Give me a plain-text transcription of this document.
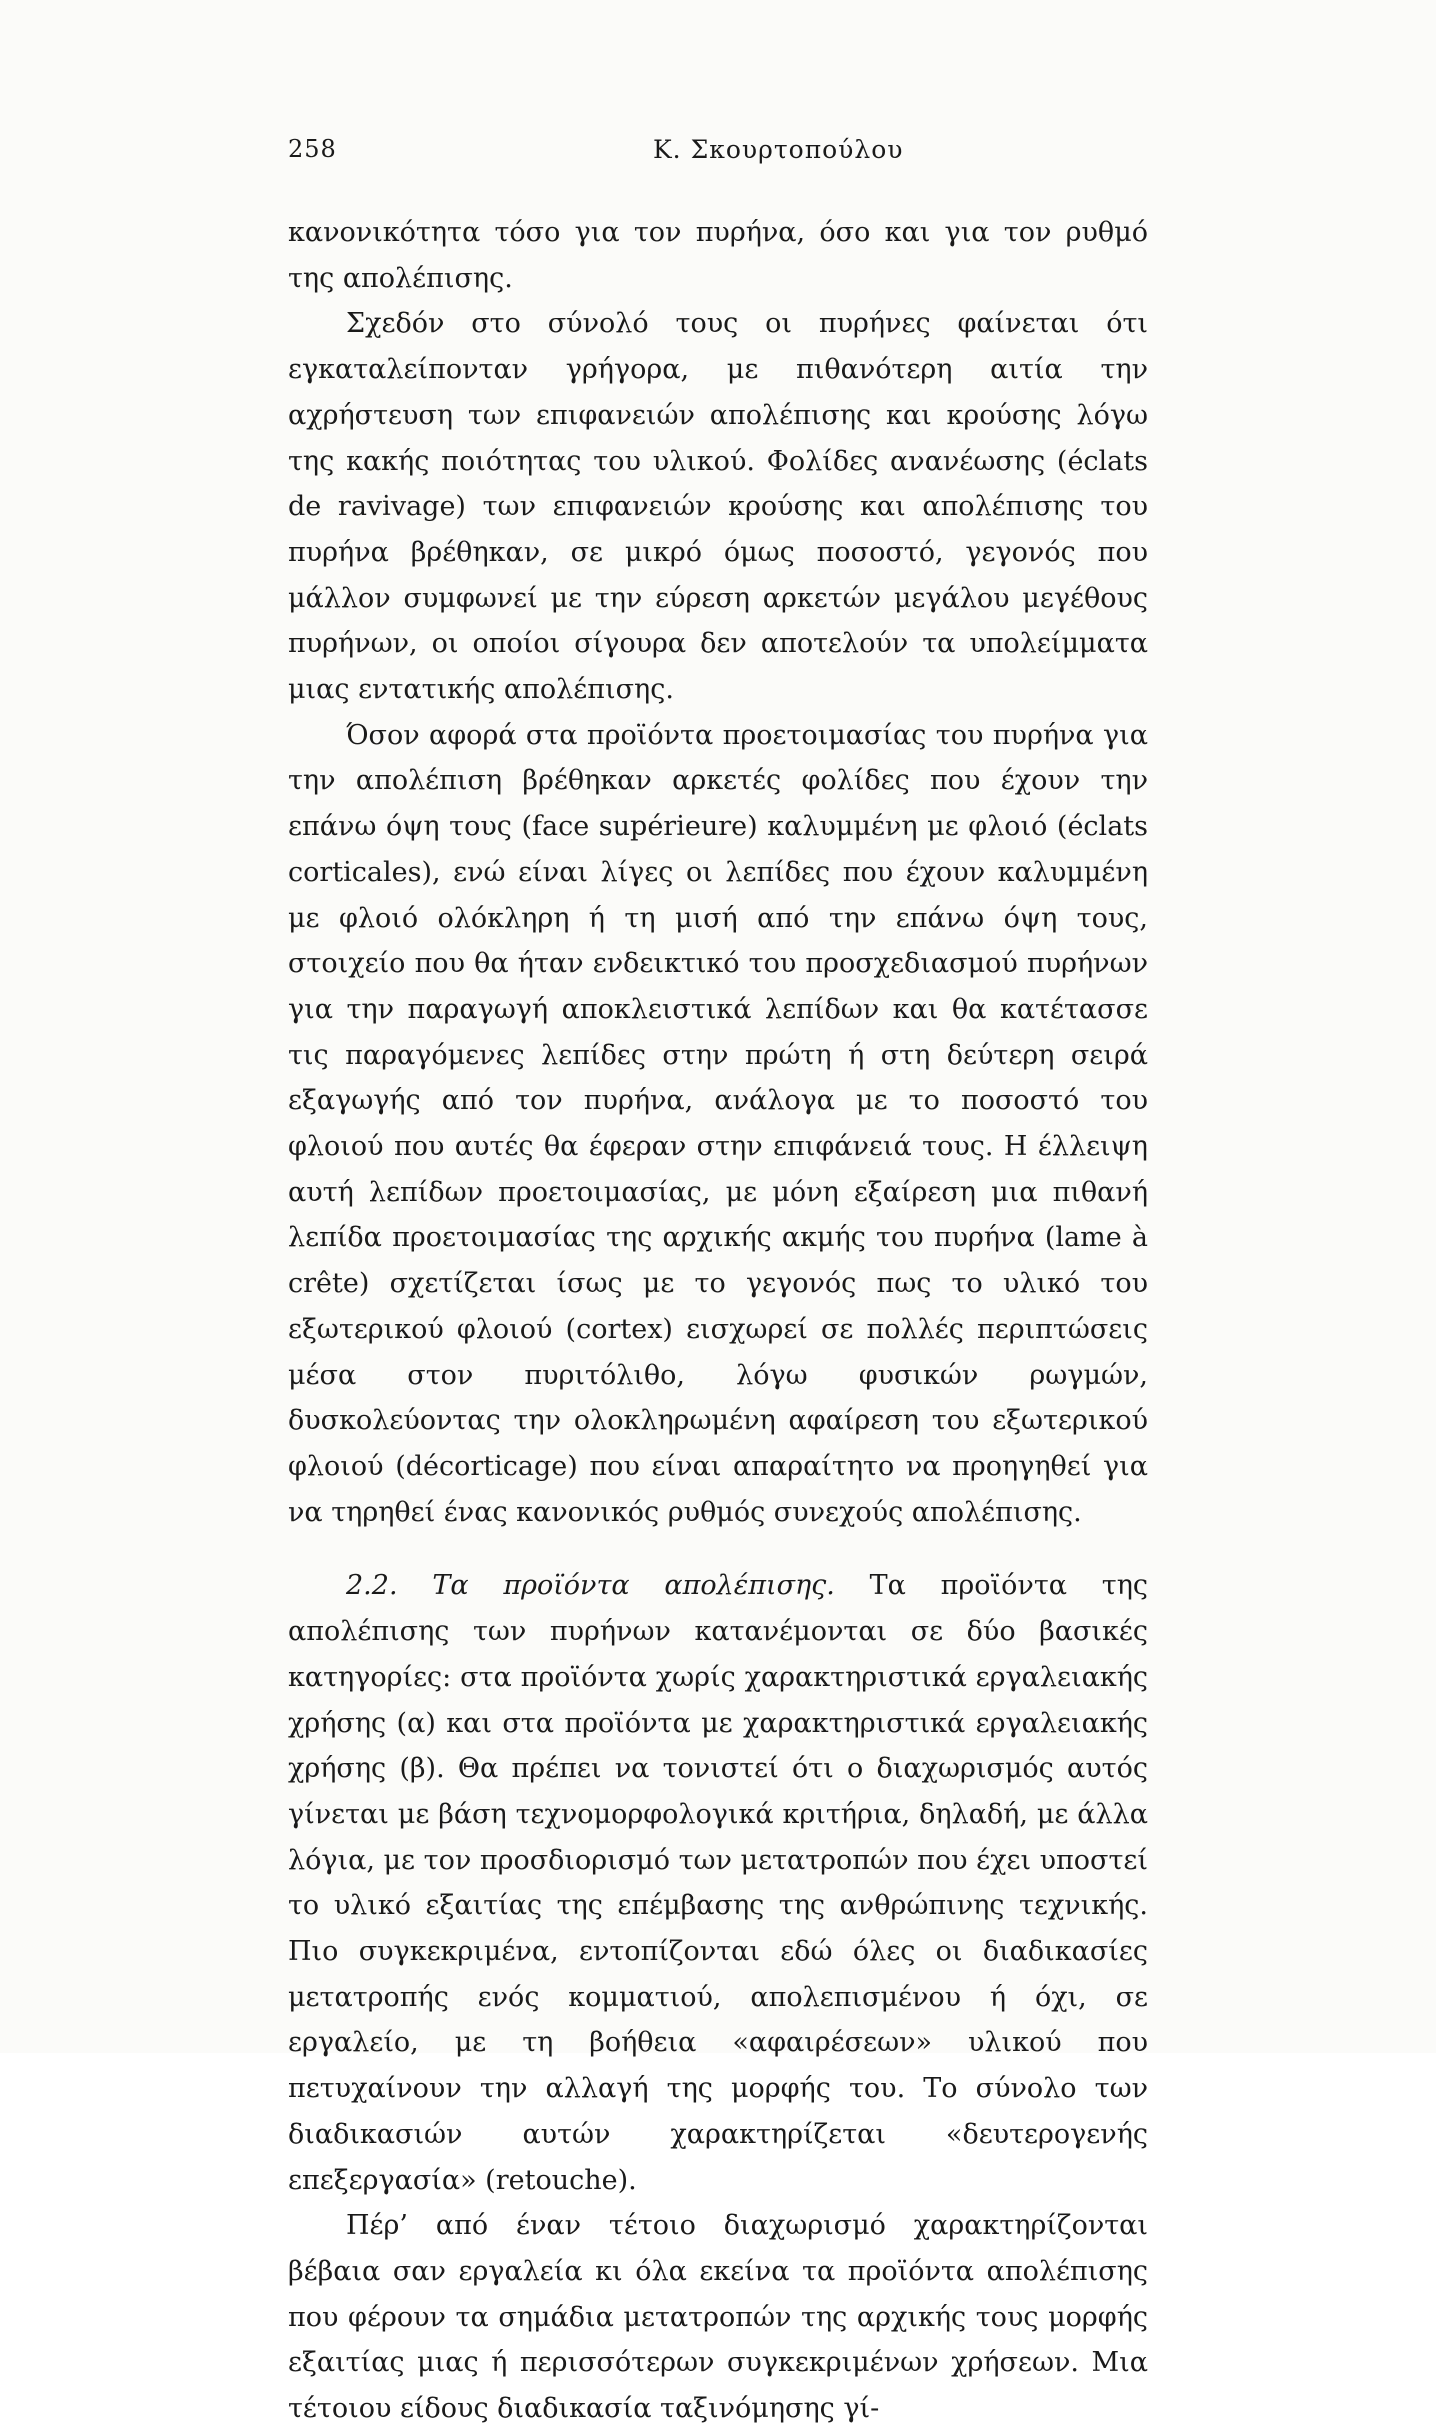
258	Κ. Σκουρτοπούλου

κανονικότητα τόσο για τον πυρήνα, όσο και για τον ρυθμό της απολέπισης.

Σχεδόν στο σύνολό τους οι πυρήνες φαίνεται ότι εγκαταλείπονταν γρήγορα, με πιθανότερη αιτία την αχρήστευση των επιφανειών απολέπισης και κρούσης λόγω της κακής ποιότητας του υλικού. Φολίδες ανανέωσης (éclats de ravivage) των επιφανειών κρούσης και απολέπισης του πυρήνα βρέθηκαν, σε μικρό όμως ποσοστό, γεγονός που μάλλον συμφωνεί με την εύρεση αρκετών μεγάλου μεγέθους πυρήνων, οι οποίοι σίγουρα δεν αποτελούν τα υπολείμματα μιας εντατικής απολέπισης.

Όσον αφορά στα προϊόντα προετοιμασίας του πυρήνα για την απολέπιση βρέθηκαν αρκετές φολίδες που έχουν την επάνω όψη τους (face supérieure) καλυμμένη με φλοιό (éclats corticales), ενώ είναι λίγες οι λεπίδες που έχουν καλυμμένη με φλοιό ολόκληρη ή τη μισή από την επάνω όψη τους, στοιχείο που θα ήταν ενδεικτικό του προσχεδιασμού πυρήνων για την παραγωγή αποκλειστικά λεπίδων και θα κατέτασσε τις παραγόμενες λεπίδες στην πρώτη ή στη δεύτερη σειρά εξαγωγής από τον πυρήνα, ανάλογα με το ποσοστό του φλοιού που αυτές θα έφεραν στην επιφάνειά τους. Η έλλειψη αυτή λεπίδων προετοιμασίας, με μόνη εξαίρεση μια πιθανή λεπίδα προετοιμασίας της αρχικής ακμής του πυρήνα (lame à crête) σχετίζεται ίσως με το γεγονός πως το υλικό του εξωτερικού φλοιού (cortex) εισχωρεί σε πολλές περιπτώσεις μέσα στον πυριτόλιθο, λόγω φυσικών ρωγμών, δυσκολεύοντας την ολοκληρωμένη αφαίρεση του εξωτερικού φλοιού (décorticage) που είναι απαραίτητο να προηγηθεί για να τηρηθεί ένας κανονικός ρυθμός συνεχούς απολέπισης.

2.2. Τα προϊόντα απολέπισης. Τα προϊόντα της απολέπισης των πυρήνων κατανέμονται σε δύο βασικές κατηγορίες: στα προϊόντα χωρίς χαρακτηριστικά εργαλειακής χρήσης (α) και στα προϊόντα με χαρακτηριστικά εργαλειακής χρήσης (β). Θα πρέπει να τονιστεί ότι ο διαχωρισμός αυτός γίνεται με βάση τεχνομορφολογικά κριτήρια, δηλαδή, με άλλα λόγια, με τον προσδιορισμό των μετατροπών που έχει υποστεί το υλικό εξαιτίας της επέμβασης της ανθρώπινης τεχνικής. Πιο συγκεκριμένα, εντοπίζονται εδώ όλες οι διαδικασίες μετατροπής ενός κομματιού, απολεπισμένου ή όχι, σε εργαλείο, με τη βοήθεια «αφαιρέσεων» υλικού που πετυχαίνουν την αλλαγή της μορφής του. Το σύνολο των διαδικασιών αυτών χαρακτηρίζεται «δευτερογενής επεξεργασία» (retouche).

Πέρ’ από έναν τέτοιο διαχωρισμό χαρακτηρίζονται βέβαια σαν εργαλεία κι όλα εκείνα τα προϊόντα απολέπισης που φέρουν τα σημάδια μετατροπών της αρχικής τους μορφής εξαιτίας μιας ή περισσότερων συγκεκριμένων χρήσεων. Μια τέτοιου είδους διαδικασία ταξινόμησης γί-
